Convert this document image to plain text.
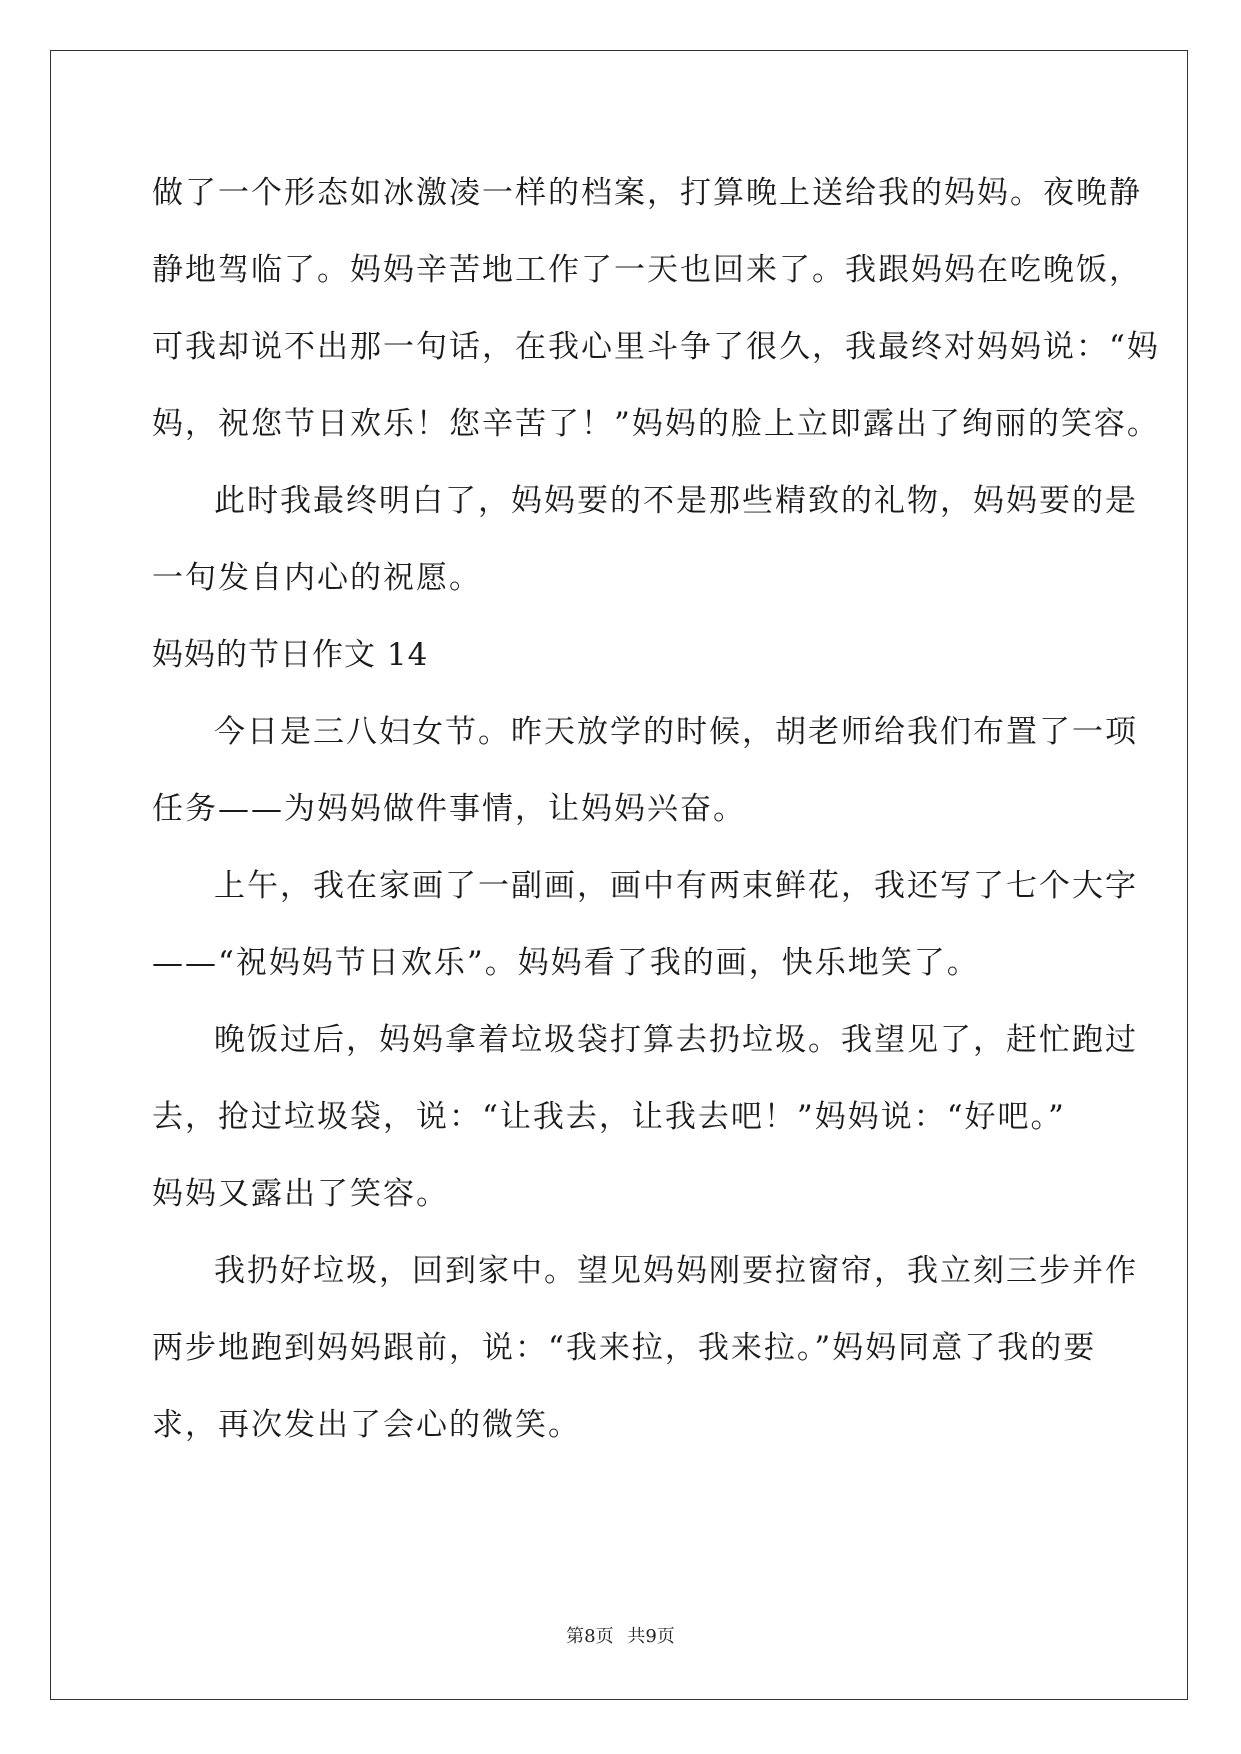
做了一个形态如冰激凌一样的档案，打算晚上送给我的妈妈。夜晚静
静地驾临了。妈妈辛苦地工作了一天也回来了。我跟妈妈在吃晚饭，
可我却说不出那一句话，在我心里斗争了很久，我最终对妈妈说：“妈
妈，祝您节日欢乐！您辛苦了！”妈妈的脸上立即露出了绚丽的笑容。
此时我最终明白了，妈妈要的不是那些精致的礼物，妈妈要的是
一句发自内心的祝愿。
妈妈的节日作文 14
今日是三八妇女节。昨天放学的时候，胡老师给我们布置了一项
任务——为妈妈做件事情，让妈妈兴奋。
上午，我在家画了一副画，画中有两束鲜花，我还写了七个大字
——“祝妈妈节日欢乐”。妈妈看了我的画，快乐地笑了。
晚饭过后，妈妈拿着垃圾袋打算去扔垃圾。我望见了，赶忙跑过
去，抢过垃圾袋，说：“让我去，让我去吧！”妈妈说：“好吧。”
妈妈又露出了笑容。
我扔好垃圾，回到家中。望见妈妈刚要拉窗帘，我立刻三步并作
两步地跑到妈妈跟前，说：“我来拉，我来拉。”妈妈同意了我的要
求，再次发出了会心的微笑。
第8页 共9页
